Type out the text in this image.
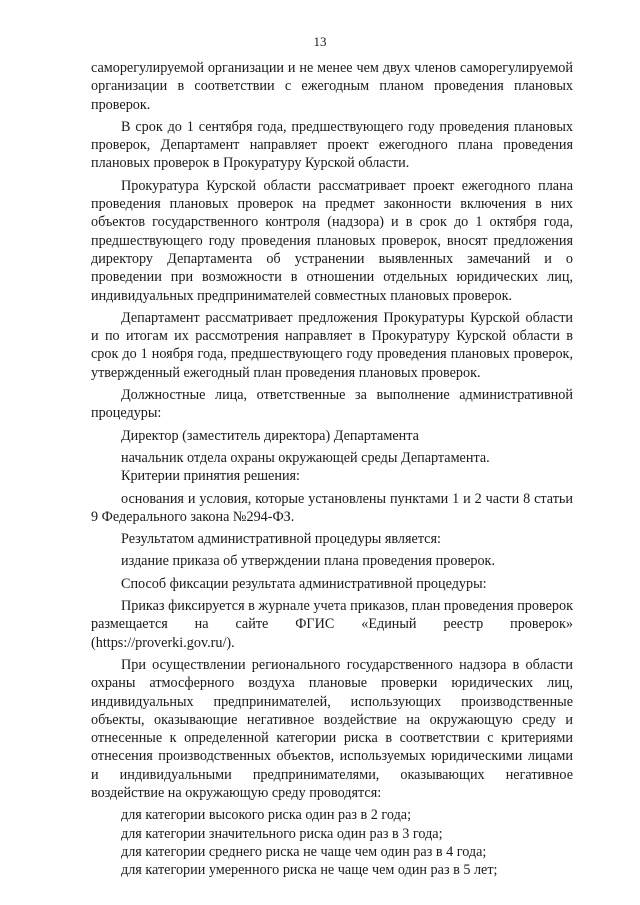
13

саморегулируемой организации и не менее чем двух членов саморегулируемой организации в соответствии с ежегодным планом проведения плановых проверок.

В срок до 1 сентября года, предшествующего году проведения плановых проверок, Департамент направляет проект ежегодного плана проведения плановых проверок в Прокуратуру Курской области.

Прокуратура Курской области рассматривает проект ежегодного плана проведения плановых проверок на предмет законности включения в них объектов государственного контроля (надзора) и в срок до 1 октября года, предшествующего году проведения плановых проверок, вносят предложения директору Департамента об устранении выявленных замечаний и о проведении при возможности в отношении отдельных юридических лиц, индивидуальных предпринимателей совместных плановых проверок.

Департамент рассматривает предложения Прокуратуры Курской области и по итогам их рассмотрения направляет в Прокуратуру Курской области в срок до 1 ноября года, предшествующего году проведения плановых проверок, утвержденный ежегодный план проведения плановых проверок.

Должностные лица, ответственные за выполнение административной процедуры:

Директор (заместитель директора) Департамента

начальник отдела охраны окружающей среды Департамента.

Критерии принятия решения:

основания и условия, которые установлены пунктами 1 и 2 части 8 статьи 9 Федерального закона №294-ФЗ.

Результатом административной процедуры является:

издание приказа об утверждении плана проведения проверок.

Способ фиксации результата административной процедуры:

Приказ фиксируется в журнале учета приказов, план проведения проверок размещается на сайте ФГИС «Единый реестр проверок» (https://proverki.gov.ru/).

При осуществлении регионального государственного надзора в области охраны атмосферного воздуха плановые проверки юридических лиц, индивидуальных предпринимателей, использующих производственные объекты, оказывающие негативное воздействие на окружающую среду и отнесенные к определенной категории риска в соответствии с критериями отнесения производственных объектов, используемых юридическими лицами и индивидуальными предпринимателями, оказывающих негативное воздействие на окружающую среду проводятся:

для категории высокого риска один раз в 2 года;

для категории значительного риска один раз в 3 года;

для категории среднего риска не чаще чем один раз в 4 года;

для категории умеренного риска не чаще чем один раз в 5 лет;
